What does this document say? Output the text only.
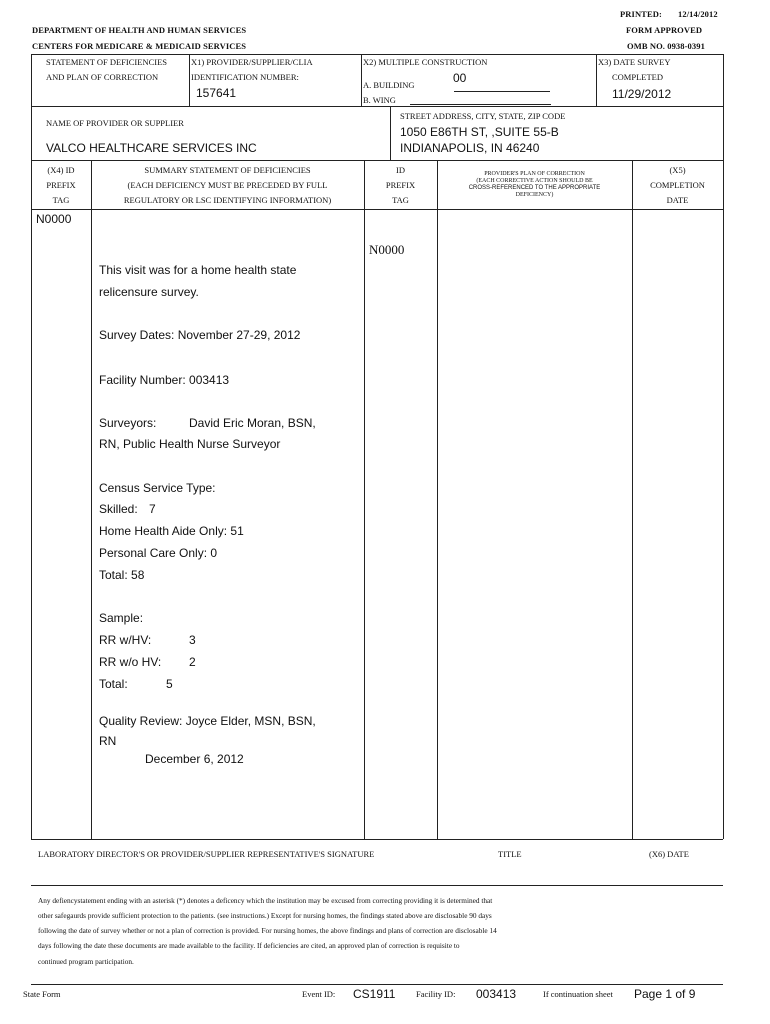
PRINTED: 12/14/2012
DEPARTMENT OF HEALTH AND HUMAN SERVICES	FORM APPROVED
CENTERS FOR MEDICARE & MEDICAID SERVICES	OMB NO. 0938-0391
STATEMENT OF DEFICIENCIES
AND PLAN OF CORRECTION
X1) PROVIDER/SUPPLIER/CLIA
IDENTIFICATION NUMBER:
157641
X2) MULTIPLE CONSTRUCTION
A. BUILDING	00
B. WING
X3) DATE SURVEY
COMPLETED
11/29/2012
NAME OF PROVIDER OR SUPPLIER
VALCO HEALTHCARE SERVICES INC
STREET ADDRESS, CITY, STATE, ZIP CODE
1050 E86TH ST, ,SUITE 55-B
INDIANAPOLIS, IN 46240
(X4) ID
PREFIX
TAG
SUMMARY STATEMENT OF DEFICIENCIES
(EACH DEFICIENCY MUST BE PRECEDED BY FULL
REGULATORY OR LSC IDENTIFYING INFORMATION)
ID
PREFIX
TAG
PROVIDER'S PLAN OF CORRECTION
(EACH CORRECTIVE ACTION SHOULD BE
CROSS-REFERENCED TO THE APPROPRIATE
DEFICIENCY)
(X5)
COMPLETION
DATE
N0000
N0000
This visit was for a home health state
relicensure survey.
Survey Dates: November 27-29, 2012
Facility Number: 003413
Surveyors:	David Eric Moran, BSN,
RN, Public Health Nurse Surveyor
Census Service Type:
Skilled: 7
Home Health Aide Only: 51
Personal Care Only: 0
Total: 58
Sample:
RR w/HV:	3
RR w/o HV: 2
Total:	5
Quality Review: Joyce Elder, MSN, BSN,
RN
December 6, 2012
LABORATORY DIRECTOR'S OR PROVIDER/SUPPLIER REPRESENTATIVE'S SIGNATURE	TITLE	(X6) DATE
Any defiencystatement ending with an asterisk (*) denotes a deficency which the institution may be excused from correcting providing it is determined that
other safegaurds provide sufficient protection to the patients. (see instructions.) Except for nursing homes, the findings stated above are disclosable 90 days
following the date of survey whether or not a plan of correction is provided. For nursing homes, the above findings and plans of correction are disclosable 14
days following the date these documents are made available to the facility. If deficiencies are cited, an approved plan of correction is requisite to
continued program participation.
State Form	Event ID: CS1911 Facility ID: 003413	If continuation sheet Page 1 of 9
